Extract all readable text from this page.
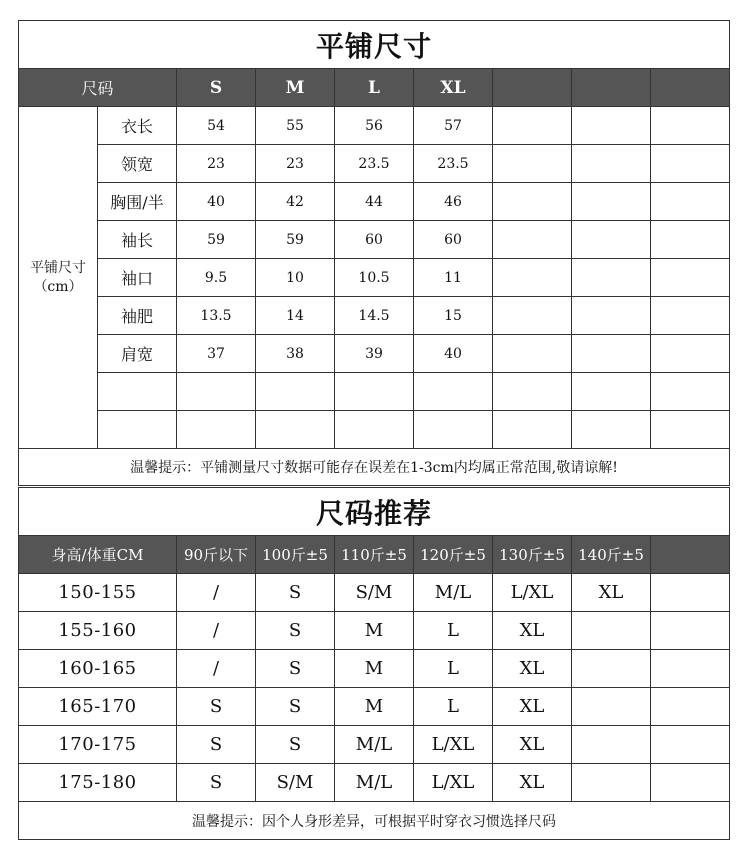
平铺尺寸								
尺码		S	M	L	XL			

平铺尺寸
（cm）	衣长	54	55	56	57			
	领宽	23	23	23.5	23.5			
	胸围/半	40	42	44	46			
	袖长	59	59	60	60			
	袖口	9.5	10	10.5	11			
	袖肥	13.5	14	14.5	15			
	肩宽	37	38	39	40			

温馨提示：平铺测量尺寸数据可能存在误差在1-3cm内均属正常范围,敬请谅解!								
尺码推荐							
身高/体重CM	90斤以下	100斤±5	110斤±5	120斤±5	130斤±5	140斤±5	
150-155	/	S	S/M	M/L	L/XL	XL	
155-160	/	S	M	L	XL		
160-165	/	S	M	L	XL		
165-170	S	S	M	L	XL		
170-175	S	S	M/L	L/XL	XL		
175-180	S	S/M	M/L	L/XL	XL		
温馨提示：因个人身形差异，可根据平时穿衣习惯选择尺码							
